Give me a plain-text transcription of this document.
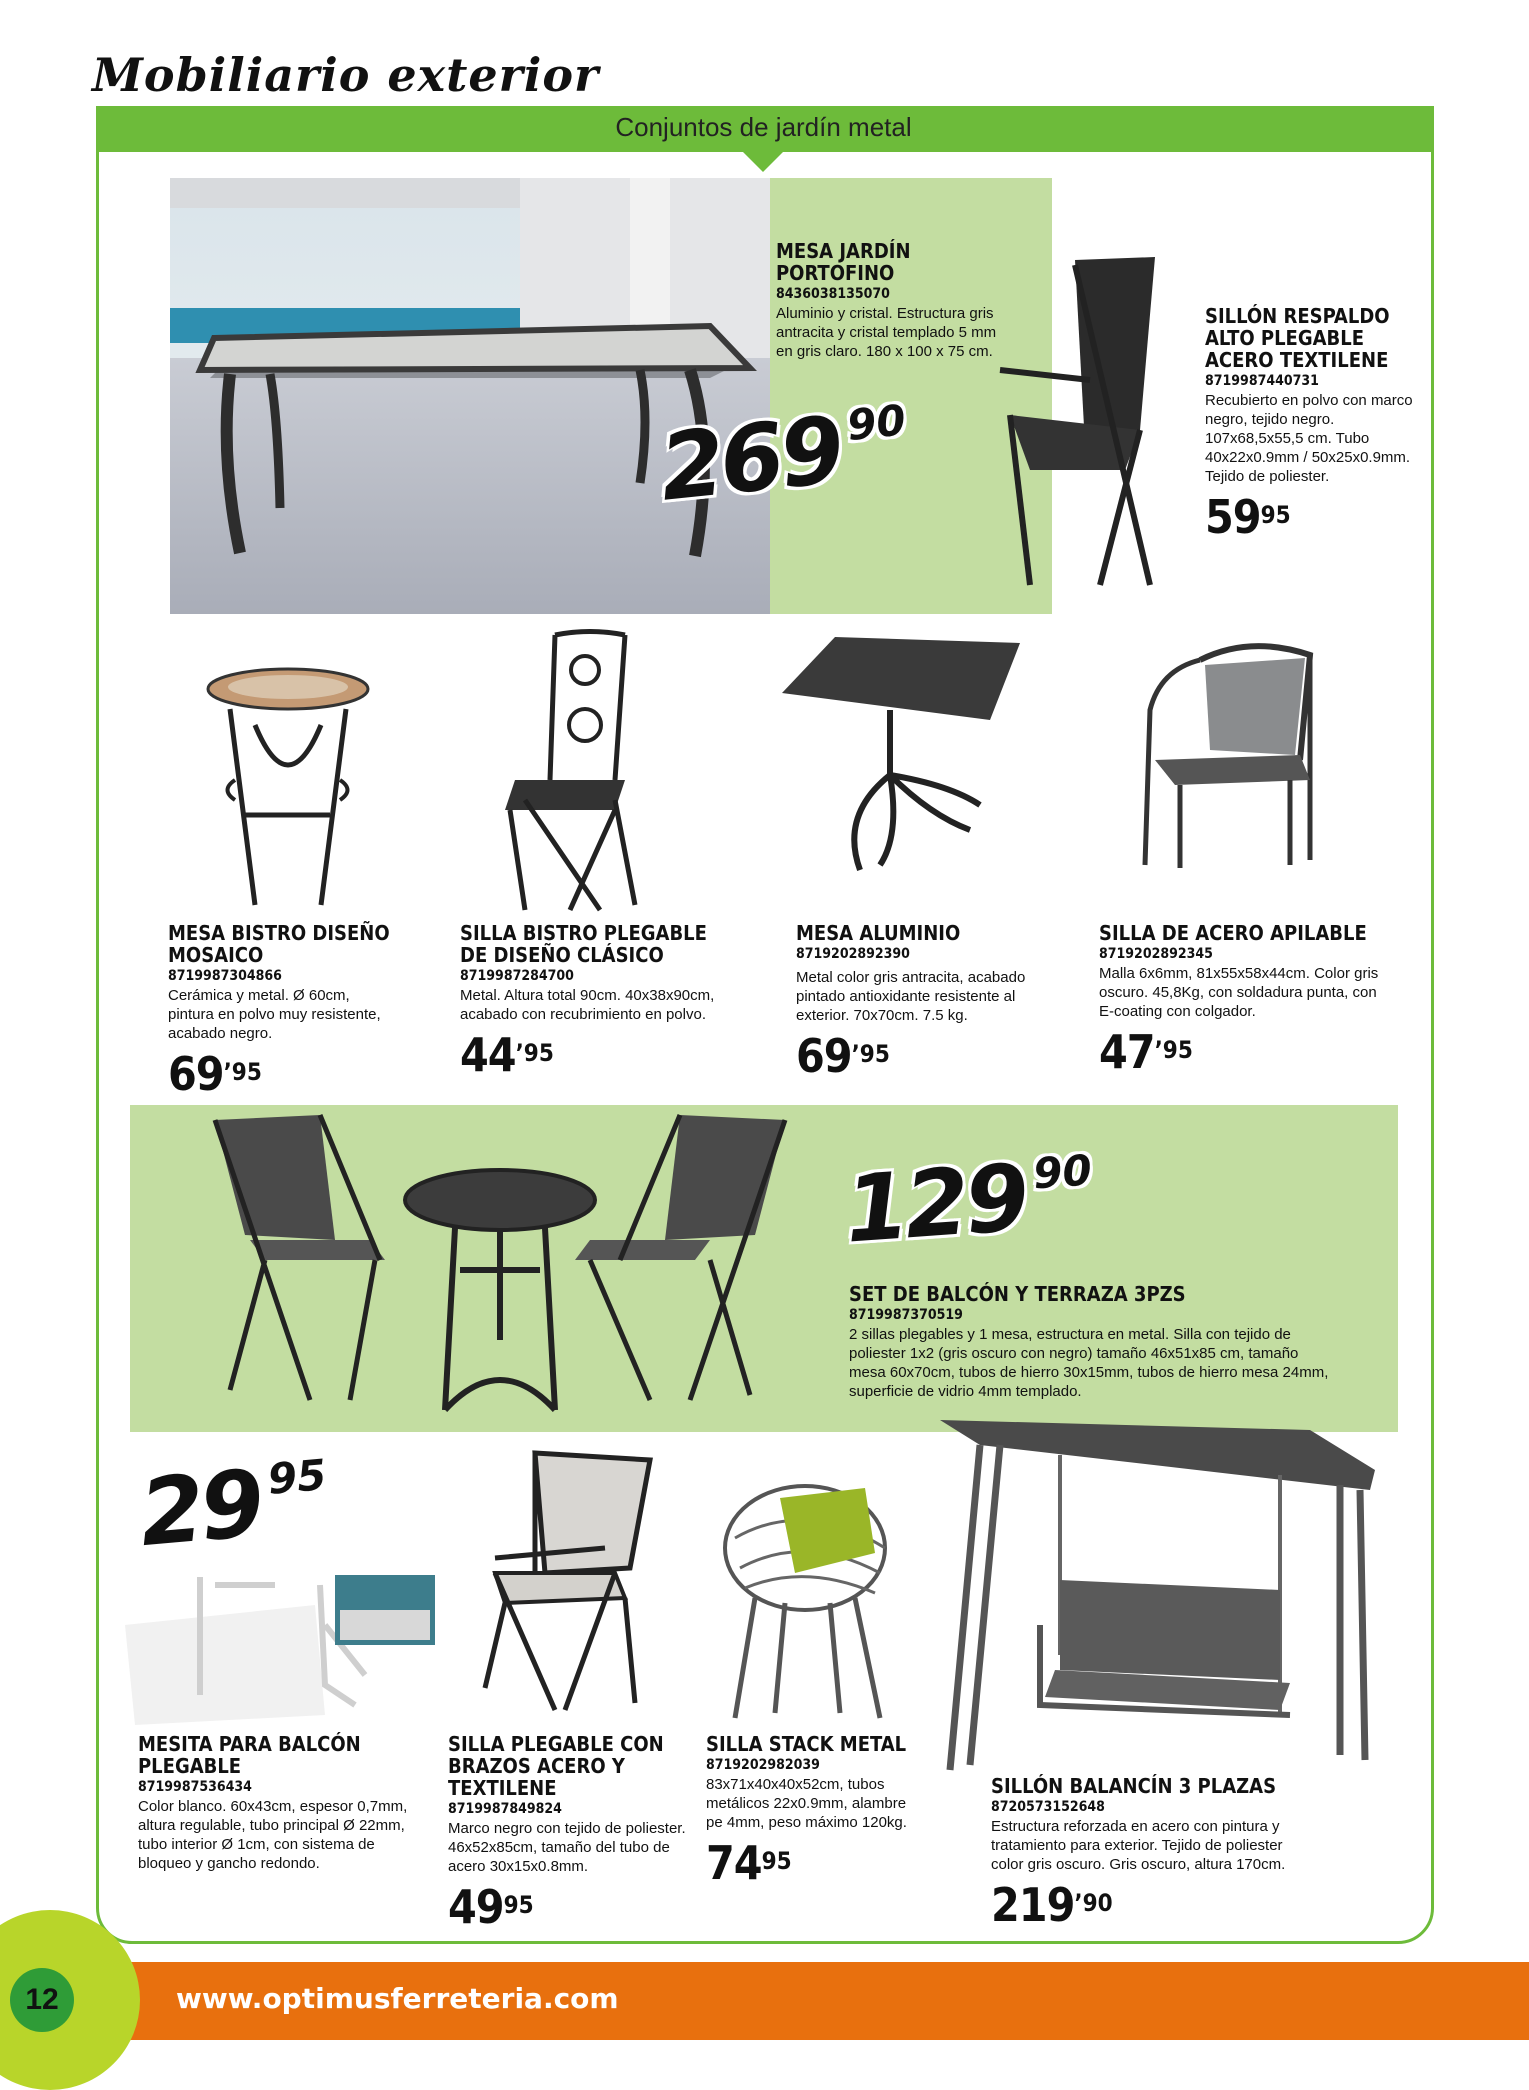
Mobiliario exterior
Conjuntos de jardín metal
MESA JARDÍN PORTOFINO
8436038135070
Aluminio y cristal. Estructura gris antracita y cristal templado 5 mm en gris claro. 180 x 100 x 75 cm.
26990
SILLÓN RESPALDO ALTO PLEGABLE ACERO TEXTILENE
8719987440731
Recubierto en polvo con marco negro, tejido negro. 107x68,5x55,5 cm. Tubo 40x22x0.9mm / 50x25x0.9mm. Tejido de poliester.
$59^{95}$
MESA BISTRO DISEÑO MOSAICO
8719987304866
Cerámica y metal. Ø 60cm, pintura en polvo muy resistente, acabado negro.
$69^{’95}$
SILLA BISTRO PLEGABLE DE DISEÑO CLÁSICO
8719987284700
Metal. Altura total 90cm. 40x38x90cm, acabado con recubrimiento en polvo.
$44^{’95}$
MESA ALUMINIO
8719202892390
Metal color gris antracita, acabado pintado antioxidante resistente al exterior. 70x70cm. 7.5 kg.
$69^{’95}$
SILLA DE ACERO APILABLE
8719202892345
Malla 6x6mm, 81x55x58x44cm. Color gris oscuro. 45,8Kg, con soldadura punta, con E-coating con colgador.
$47^{’95}$
12990
SET DE BALCÓN Y TERRAZA 3PZS
8719987370519
2 sillas plegables y 1 mesa, estructura en metal. Silla con tejido de poliester 1x2 (gris oscuro con negro) tamaño 46x51x85 cm, tamaño mesa 60x70cm, tubos de hierro 30x15mm, tubos de hierro mesa 24mm, superficie de vidrio 4mm templado.
2995
MESITA PARA BALCÓN PLEGABLE
8719987536434
Color blanco. 60x43cm, espesor 0,7mm, altura regulable, tubo principal Ø 22mm, tubo interior Ø 1cm, con sistema de bloqueo y gancho redondo.
SILLA PLEGABLE CON BRAZOS ACERO Y TEXTILENE
8719987849824
Marco negro con tejido de poliester. 46x52x85cm, tamaño del tubo de acero 30x15x0.8mm.
$49^{95}$
SILLA STACK METAL
8719202982039
83x71x40x40x52cm, tubos metálicos 22x0.9mm, alambre pe 4mm, peso máximo 120kg.
$74^{95}$
SILLÓN BALANCÍN 3 PLAZAS
8720573152648
Estructura reforzada en acero con pintura y tratamiento para exterior. Tejido de poliester color gris oscuro. Gris oscuro, altura 170cm.
$219^{’90}$
www.optimusferreteria.com
12
